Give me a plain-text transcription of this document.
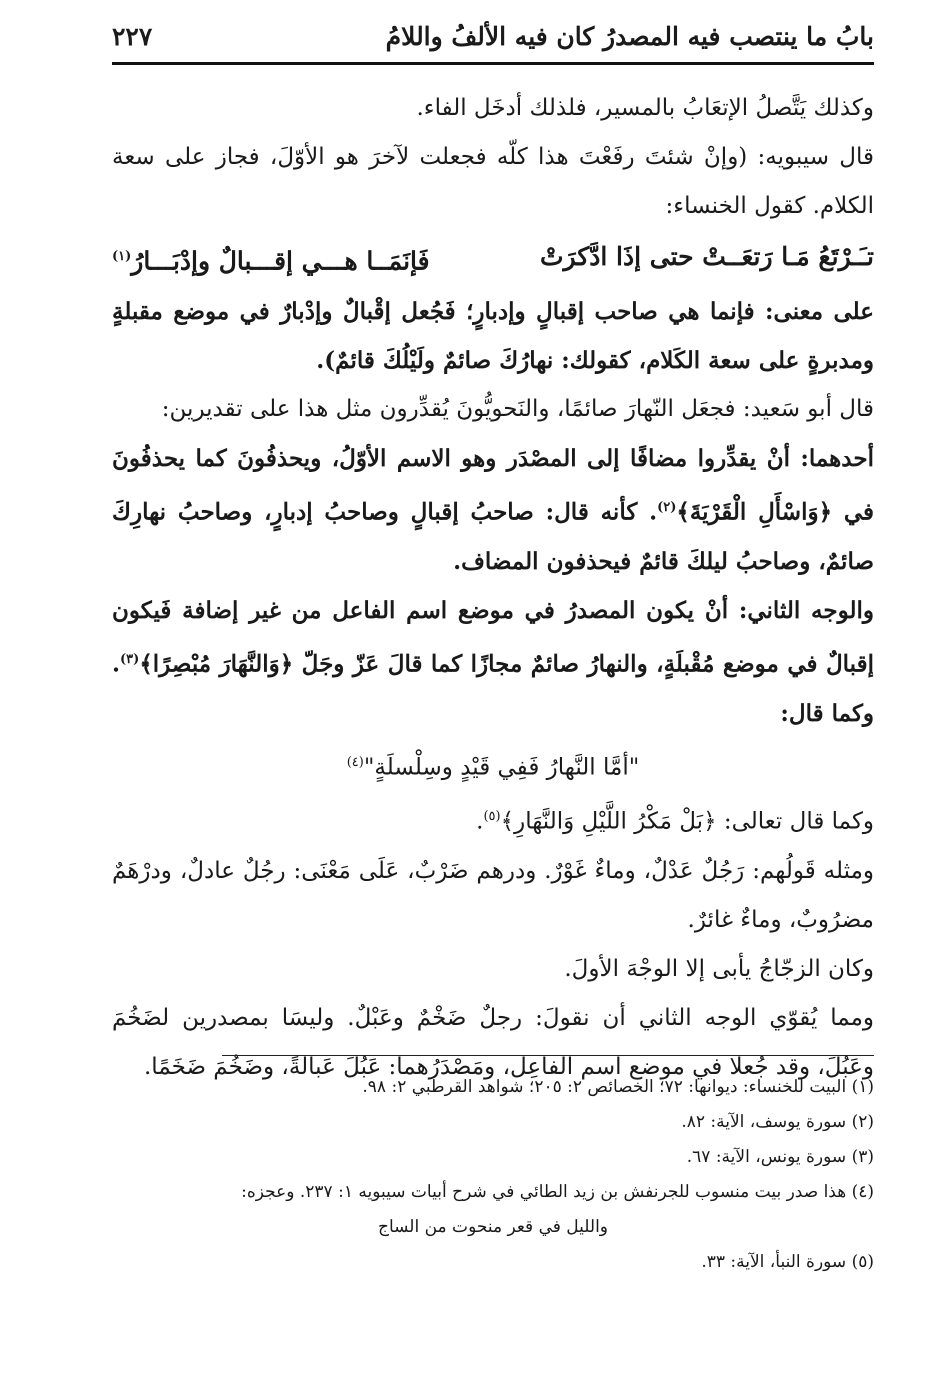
بابُ ما ينتصب فيه المصدرُ كان فيه الألفُ واللامُ
٢٢٧

وكذلك يَتَّصلُ الإتعَابُ بالمسير، فلذلك أدخَل الفاء.

قال سيبويه: (وإنْ شئتَ رفَعْتَ هذا كلّه فجعلت لآخرَ هو الأوّلَ، فجاز على سعة الكلام. كقول الخنساء:

تـَـرْتَعُ مَـا رَتعَــتْ حتى إذَا ادَّكرَتْ
فَإنَمَــا هـــي إقـــبالٌ وإدْبَـــارُ$^{(١)}$

على معنى: فإنما هي صاحب إقبالٍ وإدبارٍ؛ فَجُعل إقْبالٌ وإدْبارٌ في موضع مقبلةٍ ومدبرةٍ على سعة الكَلام، كقولك: نهارُكَ صائمٌ ولَيْلُكَ قائمٌ).

قال أبو سَعيد: فجعَل النّهارَ صائمًا، والنَحويُّونَ يُقدِّرون مثل هذا على تقديرين:

أحدهما: أنْ يقدِّروا مضافًا إلى المصْدَر وهو الاسم الأوّلُ، ويحذفُونَ كما يحذفُونَ في ﴿وَاسْأَلِ الْقَرْيَةَ﴾$^{(٢)}$. كأنه قال: صاحبُ إقبالٍ وصاحبُ إدبارٍ، وصاحبُ نهارِكَ صائمٌ، وصاحبُ ليلكَ قائمٌ فيحذفون المضاف.

والوجه الثاني: أنْ يكون المصدرُ في موضع اسم الفاعل من غير إضافة فَيكون إقبالٌ في موضع مُقْبلَةٍ، والنهارُ صائمٌ مجازًا كما قالَ عَزّ وجَلّ ﴿وَالنَّهَارَ مُبْصِرًا﴾$^{(٣)}$. وكما قال:

"أمَّا النَّهارُ فَفِي قَيْدٍ وسِلْسلَةٍ"$^{(٤)}$

وكما قال تعالى: ﴿بَلْ مَكْرُ اللَّيْلِ وَالنَّهَارِ﴾$^{(٥)}$.

ومثله قَولُهم: رَجُلٌ عَدْلٌ، وماءٌ غَوْرٌ. ودرهم ضَرْبٌ، عَلَى مَعْنَى: رجُلٌ عادلٌ، ودرْهَمٌ مضرُوبٌ، وماءٌ غائرٌ.

وكان الزجّاجُ يأبى إلا الوجْهَ الأولَ.

ومما يُقوّي الوجه الثاني أن نقولَ: رجلٌ ضَخْمٌ وعَبْلٌ. وليسَا بمصدرين لضَخُمَ وعَبُلَ، وقد جُعلا في موضع اسم الفاعِل، ومَصْدَرُهما: عَبُلَ عَبالةً، وضَخُمَ ضَخَمًا.

(١) البيت للخنساء: ديوانها: ٧٢؛ الخصائص ٢: ٢٠٥؛ شواهد القرطبي ٢: ٩٨.

(٢) سورة يوسف، الآية: ٨٢.

(٣) سورة يونس، الآية: ٦٧.

(٤) هذا صدر بيت منسوب للجرنفش بن زيد الطائي في شرح أبيات سيبويه ١: ٢٣٧. وعجزه:

والليل في قعر منحوت من الساج

(٥) سورة النبأ، الآية: ٣٣.
